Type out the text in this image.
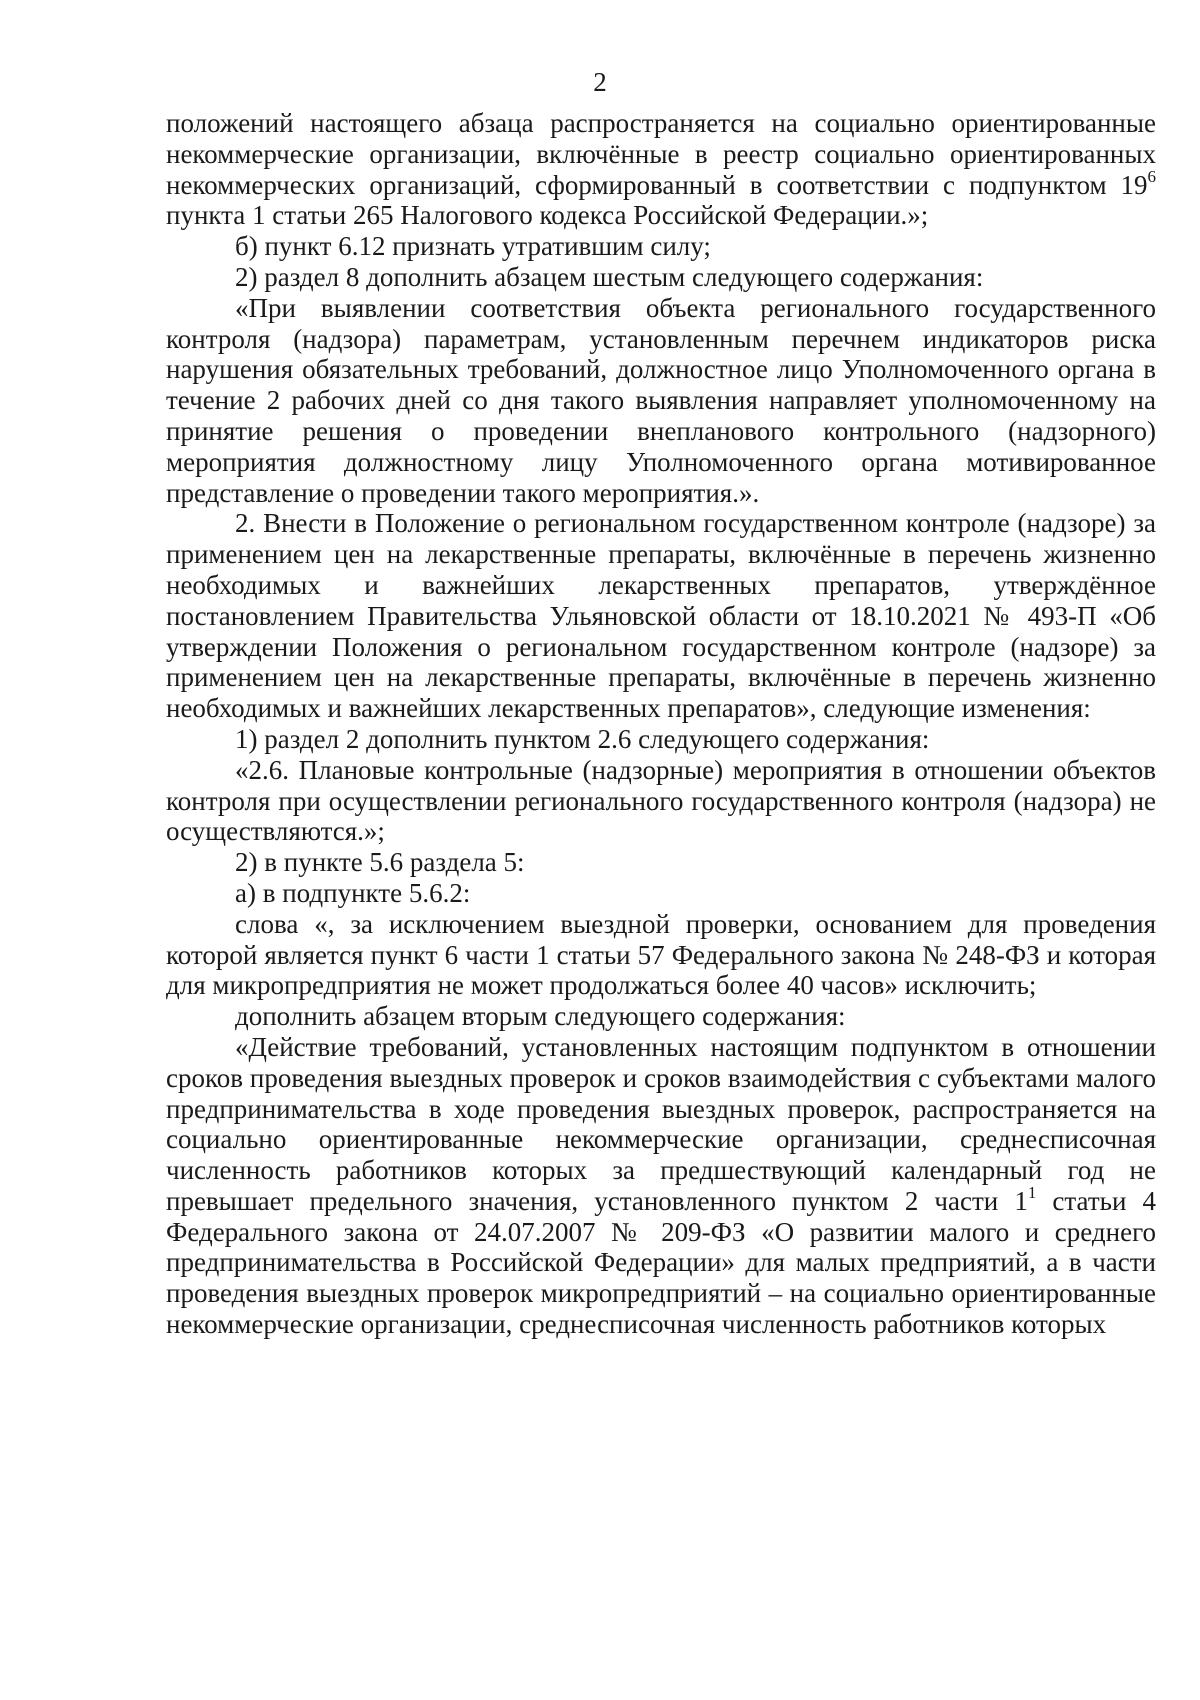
2

положений настоящего абзаца распространяется на социально ориентированные некоммерческие организации, включённые в реестр социально ориентированных некоммерческих организаций, сформированный в соответствии с подпунктом $19^6$ пункта 1 статьи 265 Налогового кодекса Российской Федерации.»;

б) пункт 6.12 признать утратившим силу;

2) раздел 8 дополнить абзацем шестым следующего содержания:

«При выявлении соответствия объекта регионального государственного контроля (надзора) параметрам, установленным перечнем индикаторов риска нарушения обязательных требований, должностное лицо Уполномоченного органа в течение 2 рабочих дней со дня такого выявления направляет уполномоченному на принятие решения о проведении внепланового контрольного (надзорного) мероприятия должностному лицу Уполномоченного органа мотивированное представление о проведении такого мероприятия.».

2. Внести в Положение о региональном государственном контроле (надзоре) за применением цен на лекарственные препараты, включённые в перечень жизненно необходимых и важнейших лекарственных препаратов, утверждённое постановлением Правительства Ульяновской области от 18.10.2021 № 493-П «Об утверждении Положения о региональном государственном контроле (надзоре) за применением цен на лекарственные препараты, включённые в перечень жизненно необходимых и важнейших лекарственных препаратов», следующие изменения:

1) раздел 2 дополнить пунктом 2.6 следующего содержания:

«2.6. Плановые контрольные (надзорные) мероприятия в отношении объектов контроля при осуществлении регионального государственного контроля (надзора) не осуществляются.»;

2) в пункте 5.6 раздела 5:

а) в подпункте 5.6.2:

слова «, за исключением выездной проверки, основанием для проведения которой является пункт 6 части 1 статьи 57 Федерального закона № 248-ФЗ и которая для микропредприятия не может продолжаться более 40 часов» исключить;

дополнить абзацем вторым следующего содержания:

«Действие требований, установленных настоящим подпунктом в отношении сроков проведения выездных проверок и сроков взаимодействия с субъектами малого предпринимательства в ходе проведения выездных проверок, распространяется на социально ориентированные некоммерческие организации, среднесписочная численность работников которых за предшествующий календарный год не превышает предельного значения, установленного пунктом 2 части $1^1$ статьи 4 Федерального закона от 24.07.2007 № 209-ФЗ «О развитии малого и среднего предпринимательства в Российской Федерации» для малых предприятий, а в части проведения выездных проверок микропредприятий – на социально ориентированные некоммерческие организации, среднесписочная численность работников которых
